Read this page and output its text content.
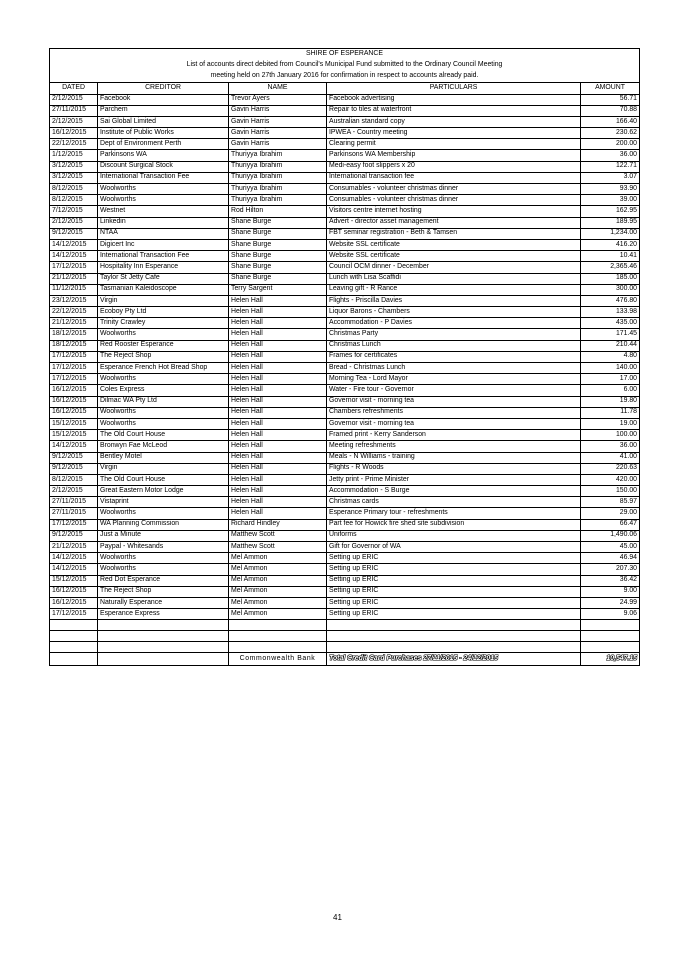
SHIRE OF ESPERANCE				
List of accounts direct debited from Council's Municipal Fund submitted to the Ordinary Council Meeting				
meeting held on 27th January 2016 for confirmation in respect to accounts already paid.				
DATED	CREDITOR	NAME	PARTICULARS	AMOUNT
2/12/2015	Facebook	Trevor Ayers	Facebook advertising	56.71
27/11/2015	Parchem	Gavin Harris	Repair to tiles at waterfront	70.88
2/12/2015	Sai Global Limited	Gavin Harris	Australian standard copy	166.40
16/12/2015	Institute of Public Works	Gavin Harris	IPWEA - Country meeting	230.62
22/12/2015	Dept of Environment Perth	Gavin Harris	Clearing permit	200.00
1/12/2015	Parkinsons WA	Thuriyya Ibrahim	Parkinsons WA Membership	36.00
3/12/2015	Discount Surgical Stock	Thuriyya Ibrahim	Medi-easy foot slippers x 20	122.71
3/12/2015	International Transaction Fee	Thuriyya Ibrahim	International transaction fee	3.07
8/12/2015	Woolworths	Thuriyya Ibrahim	Consumables - volunteer christmas dinner	93.90
8/12/2015	Woolworths	Thuriyya Ibrahim	Consumables - volunteer christmas dinner	39.00
7/12/2015	Westnet	Rod Hilton	Visitors centre internet hosting	162.95
2/12/2015	Linkedin	Shane Burge	Advert - director asset management	189.95
9/12/2015	NTAA	Shane Burge	FBT seminar registration - Beth & Tamsen	1,234.00
14/12/2015	Digicert Inc	Shane Burge	Website SSL certificate	416.20
14/12/2015	International Transaction Fee	Shane Burge	Website SSL certificate	10.41
17/12/2015	Hospitality Inn Esperance	Shane Burge	Council OCM dinner - December	2,365.46
21/12/2015	Taylor St Jetty Cafe	Shane Burge	Lunch with Lisa Scaffidi	185.00
11/12/2015	Tasmanian Kaleidoscope	Terry Sargent	Leaving gift - R Rance	300.00
23/12/2015	Virgin	Helen Hall	Flights - Priscilla Davies	476.80
22/12/2015	Ecoboy Pty Ltd	Helen Hall	Liquor Barons - Chambers	133.98
21/12/2015	Trinity Crawley	Helen Hall	Accommodation - P Davies	435.00
18/12/2015	Woolworths	Helen Hall	Christmas Party	171.45
18/12/2015	Red Rooster Esperance	Helen Hall	Christmas Lunch	210.44
17/12/2015	The Reject Shop	Helen Hall	Frames for certificates	4.80
17/12/2015	Esperance French Hot Bread Shop	Helen Hall	Bread - Christmas Lunch	140.00
17/12/2015	Woolworths	Helen Hall	Morning Tea - Lord Mayor	17.00
16/12/2015	Coles Express	Helen Hall	Water - Fire tour - Governor	6.00
16/12/2015	Dilmac WA Pty Ltd	Helen Hall	Governor visit - morning tea	19.80
16/12/2015	Woolworths	Helen Hall	Chambers refreshments	11.78
15/12/2015	Woolworths	Helen Hall	Governor visit - morning tea	19.00
15/12/2015	The Old Court House	Helen Hall	Framed print - Kerry Sanderson	100.00
14/12/2015	Bronwyn Fae McLeod	Helen Hall	Meeting refreshments	36.00
9/12/2015	Bentley Motel	Helen Hall	Meals - N Williams - training	41.00
9/12/2015	Virgin	Helen Hall	Flights - R Woods	220.63
8/12/2015	The Old Court House	Helen Hall	Jetty print - Prime Minister	420.00
2/12/2015	Great Eastern Motor Lodge	Helen Hall	Accommodation - S Burge	150.00
27/11/2015	Vistaprint	Helen Hall	Christmas cards	85.97
27/11/2015	Woolworths	Helen Hall	Esperance Primary tour - refreshments	29.00
17/12/2015	WA Planning Commission	Richard Hindley	Part fee for Howick fire shed site subdivision	66.47
9/12/2015	Just a Minute	Matthew Scott	Uniforms	1,490.06
21/12/2015	Paypal - Whitesands	Matthew Scott	Gift for Governor of WA	45.00
14/12/2015	Woolworths	Mel Ammon	Setting up ERIC	46.94
14/12/2015	Woolworths	Mel Ammon	Setting up ERIC	207.30
15/12/2015	Red Dot Esperance	Mel Ammon	Setting up ERIC	36.42
16/12/2015	The Reject Shop	Mel Ammon	Setting up ERIC	9.00
16/12/2015	Naturally Esperance	Mel Ammon	Setting up ERIC	24.99
17/12/2015	Esperance Express	Mel Ammon	Setting up ERIC	9.06

		Commonwealth Bank	Total Credit Card Purchases 27/11/2015 - 24/12/2015	10,547.15
41
